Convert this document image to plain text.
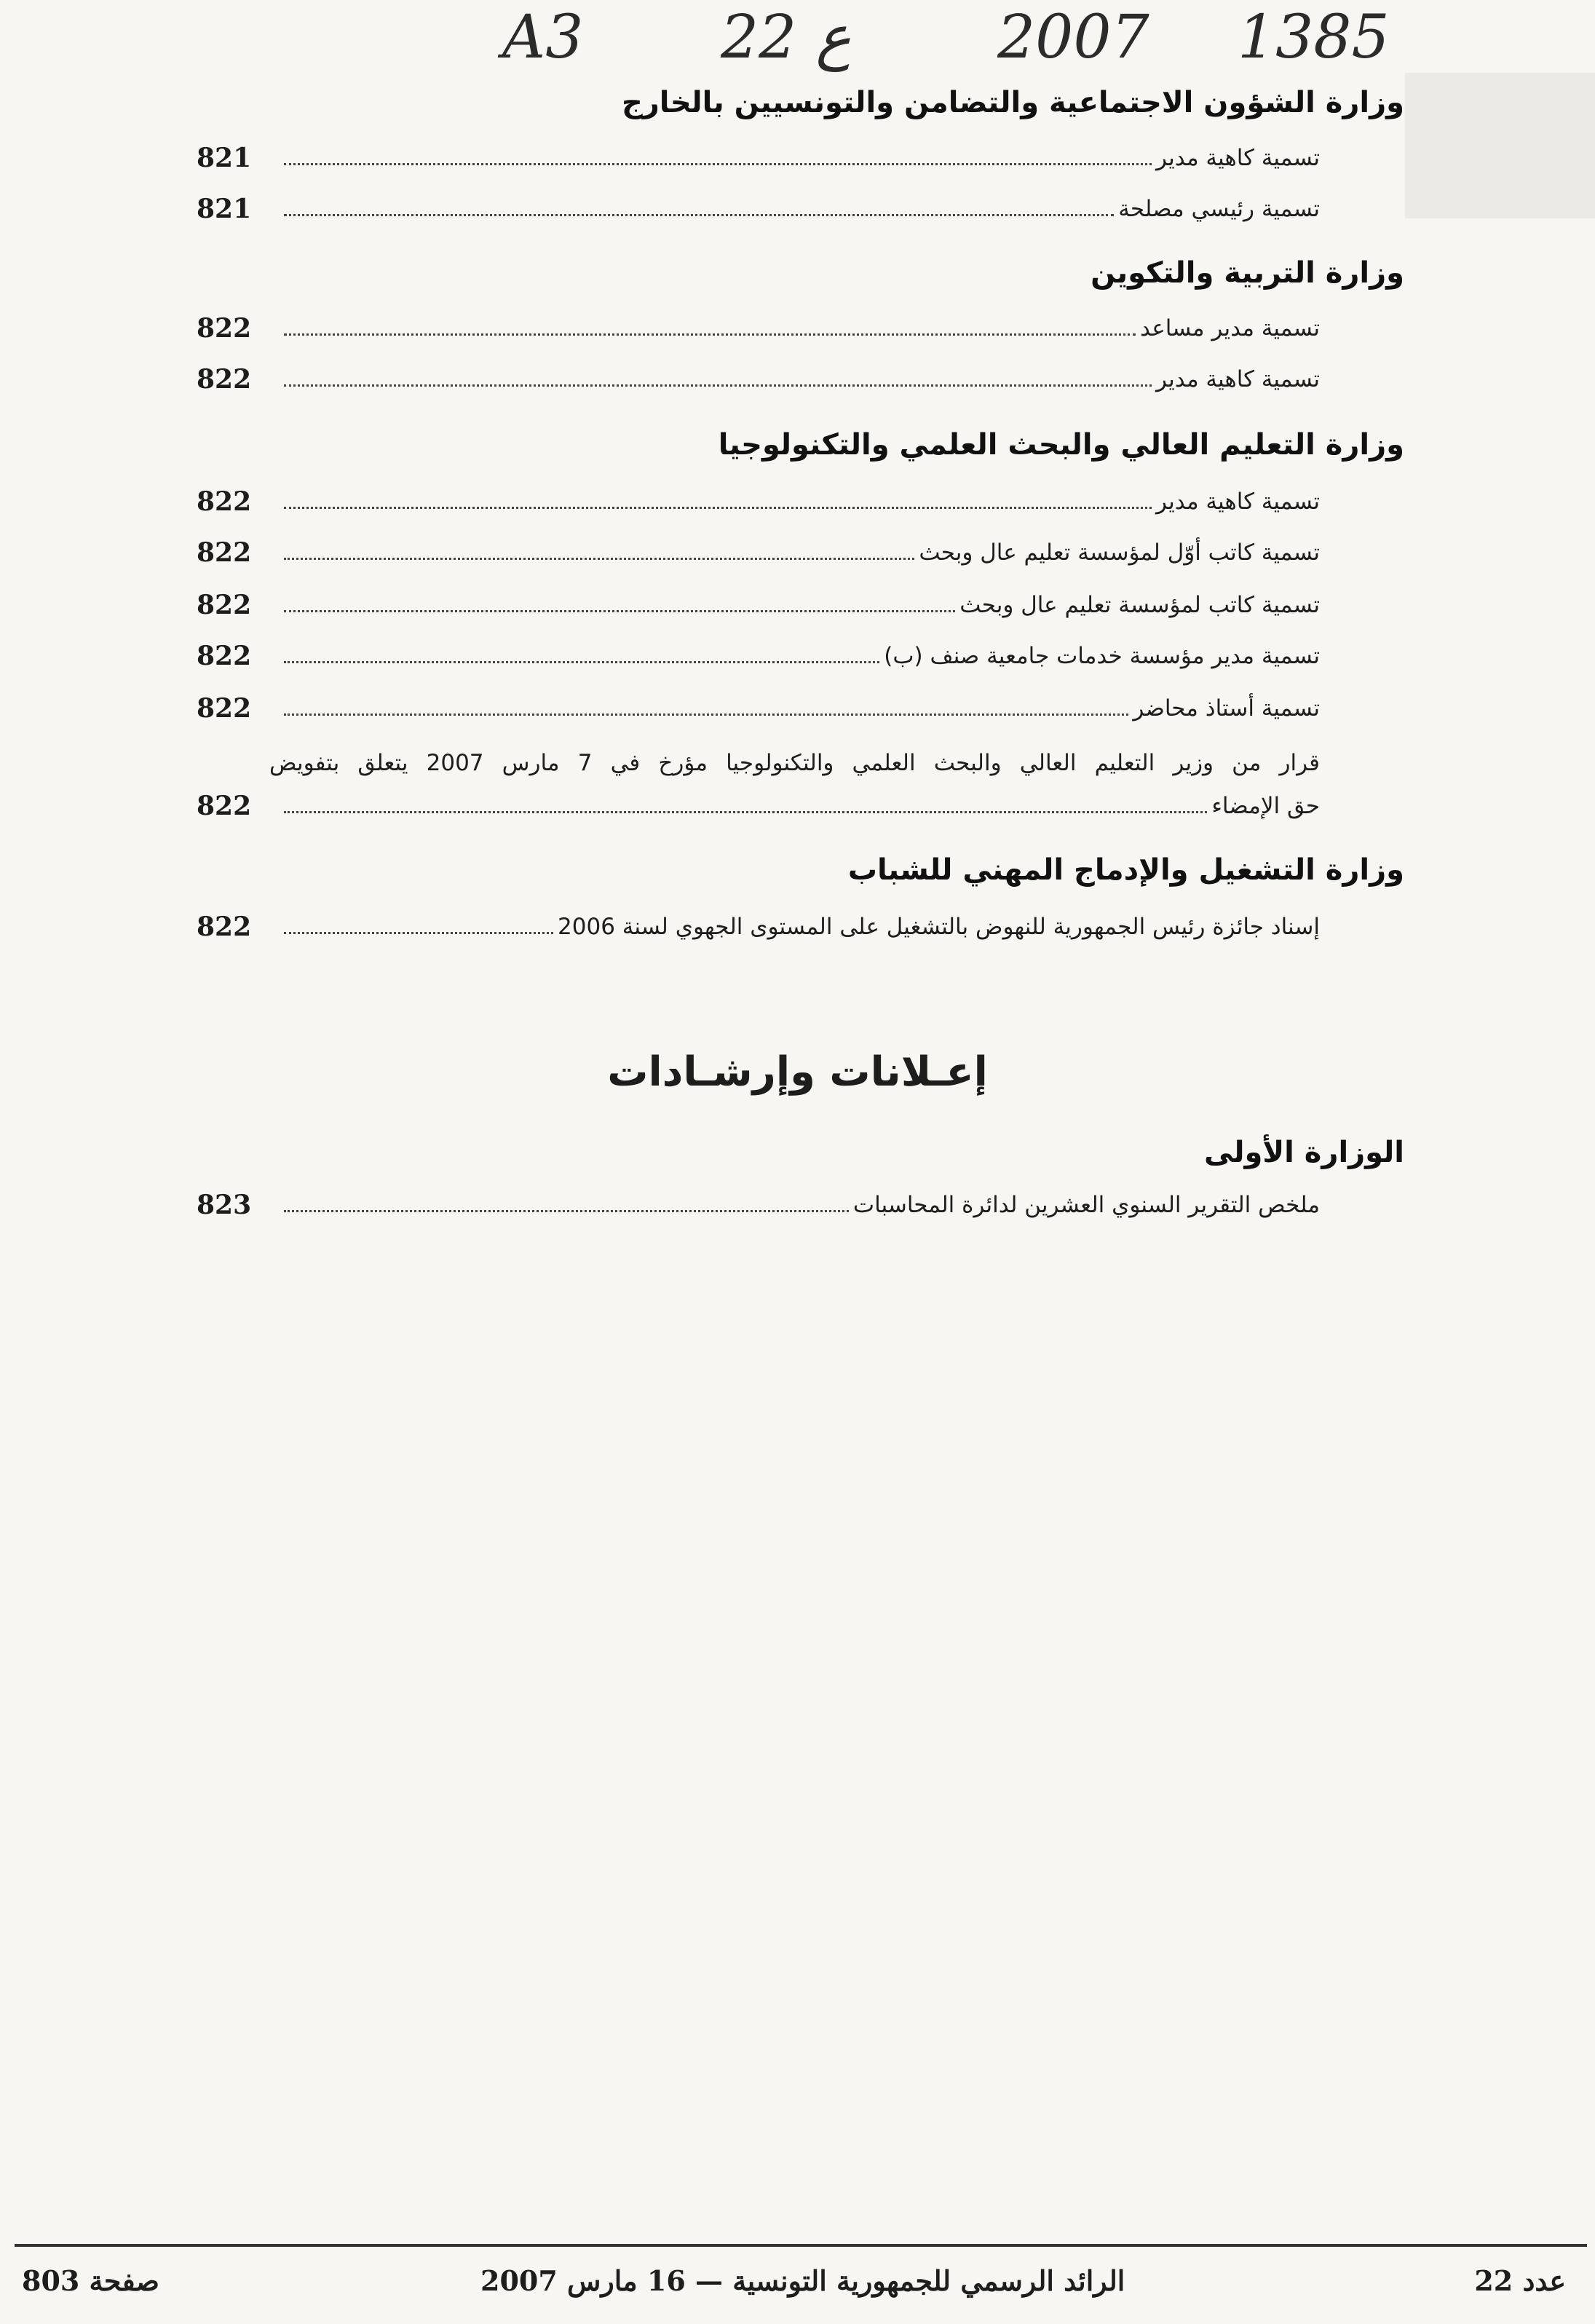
A3 22 ع 2007 1385
وزارة الشؤون الاجتماعية والتضامن والتونسيين بالخارج
821	تسمية كاهية مدير
821	تسمية رئيسي مصلحة
وزارة التربية والتكوين
822	تسمية مدير مساعد
822	تسمية كاهية مدير
وزارة التعليم العالي والبحث العلمي والتكنولوجيا
822	تسمية كاهية مدير
822	تسمية كاتب أوّل لمؤسسة تعليم عال وبحث
822	تسمية كاتب لمؤسسة تعليم عال وبحث
822	تسمية مدير مؤسسة خدمات جامعية صنف (ب)
822	تسمية أستاذ محاضر
قرار من وزير التعليم العالي والبحث العلمي والتكنولوجيا مؤرخ في 7 مارس 2007 يتعلق بتفويض
822	حق الإمضاء
وزارة التشغيل والإدماج المهني للشباب
822	إسناد جائزة رئيس الجمهورية للنهوض بالتشغيل على المستوى الجهوي لسنة 2006
إعـلانات وإرشـادات
الوزارة الأولى
823	ملخص التقرير السنوي العشرين لدائرة المحاسبات
صفحة 803	الرائد الرسمي للجمهورية التونسية — 16 مارس 2007	عدد 22
